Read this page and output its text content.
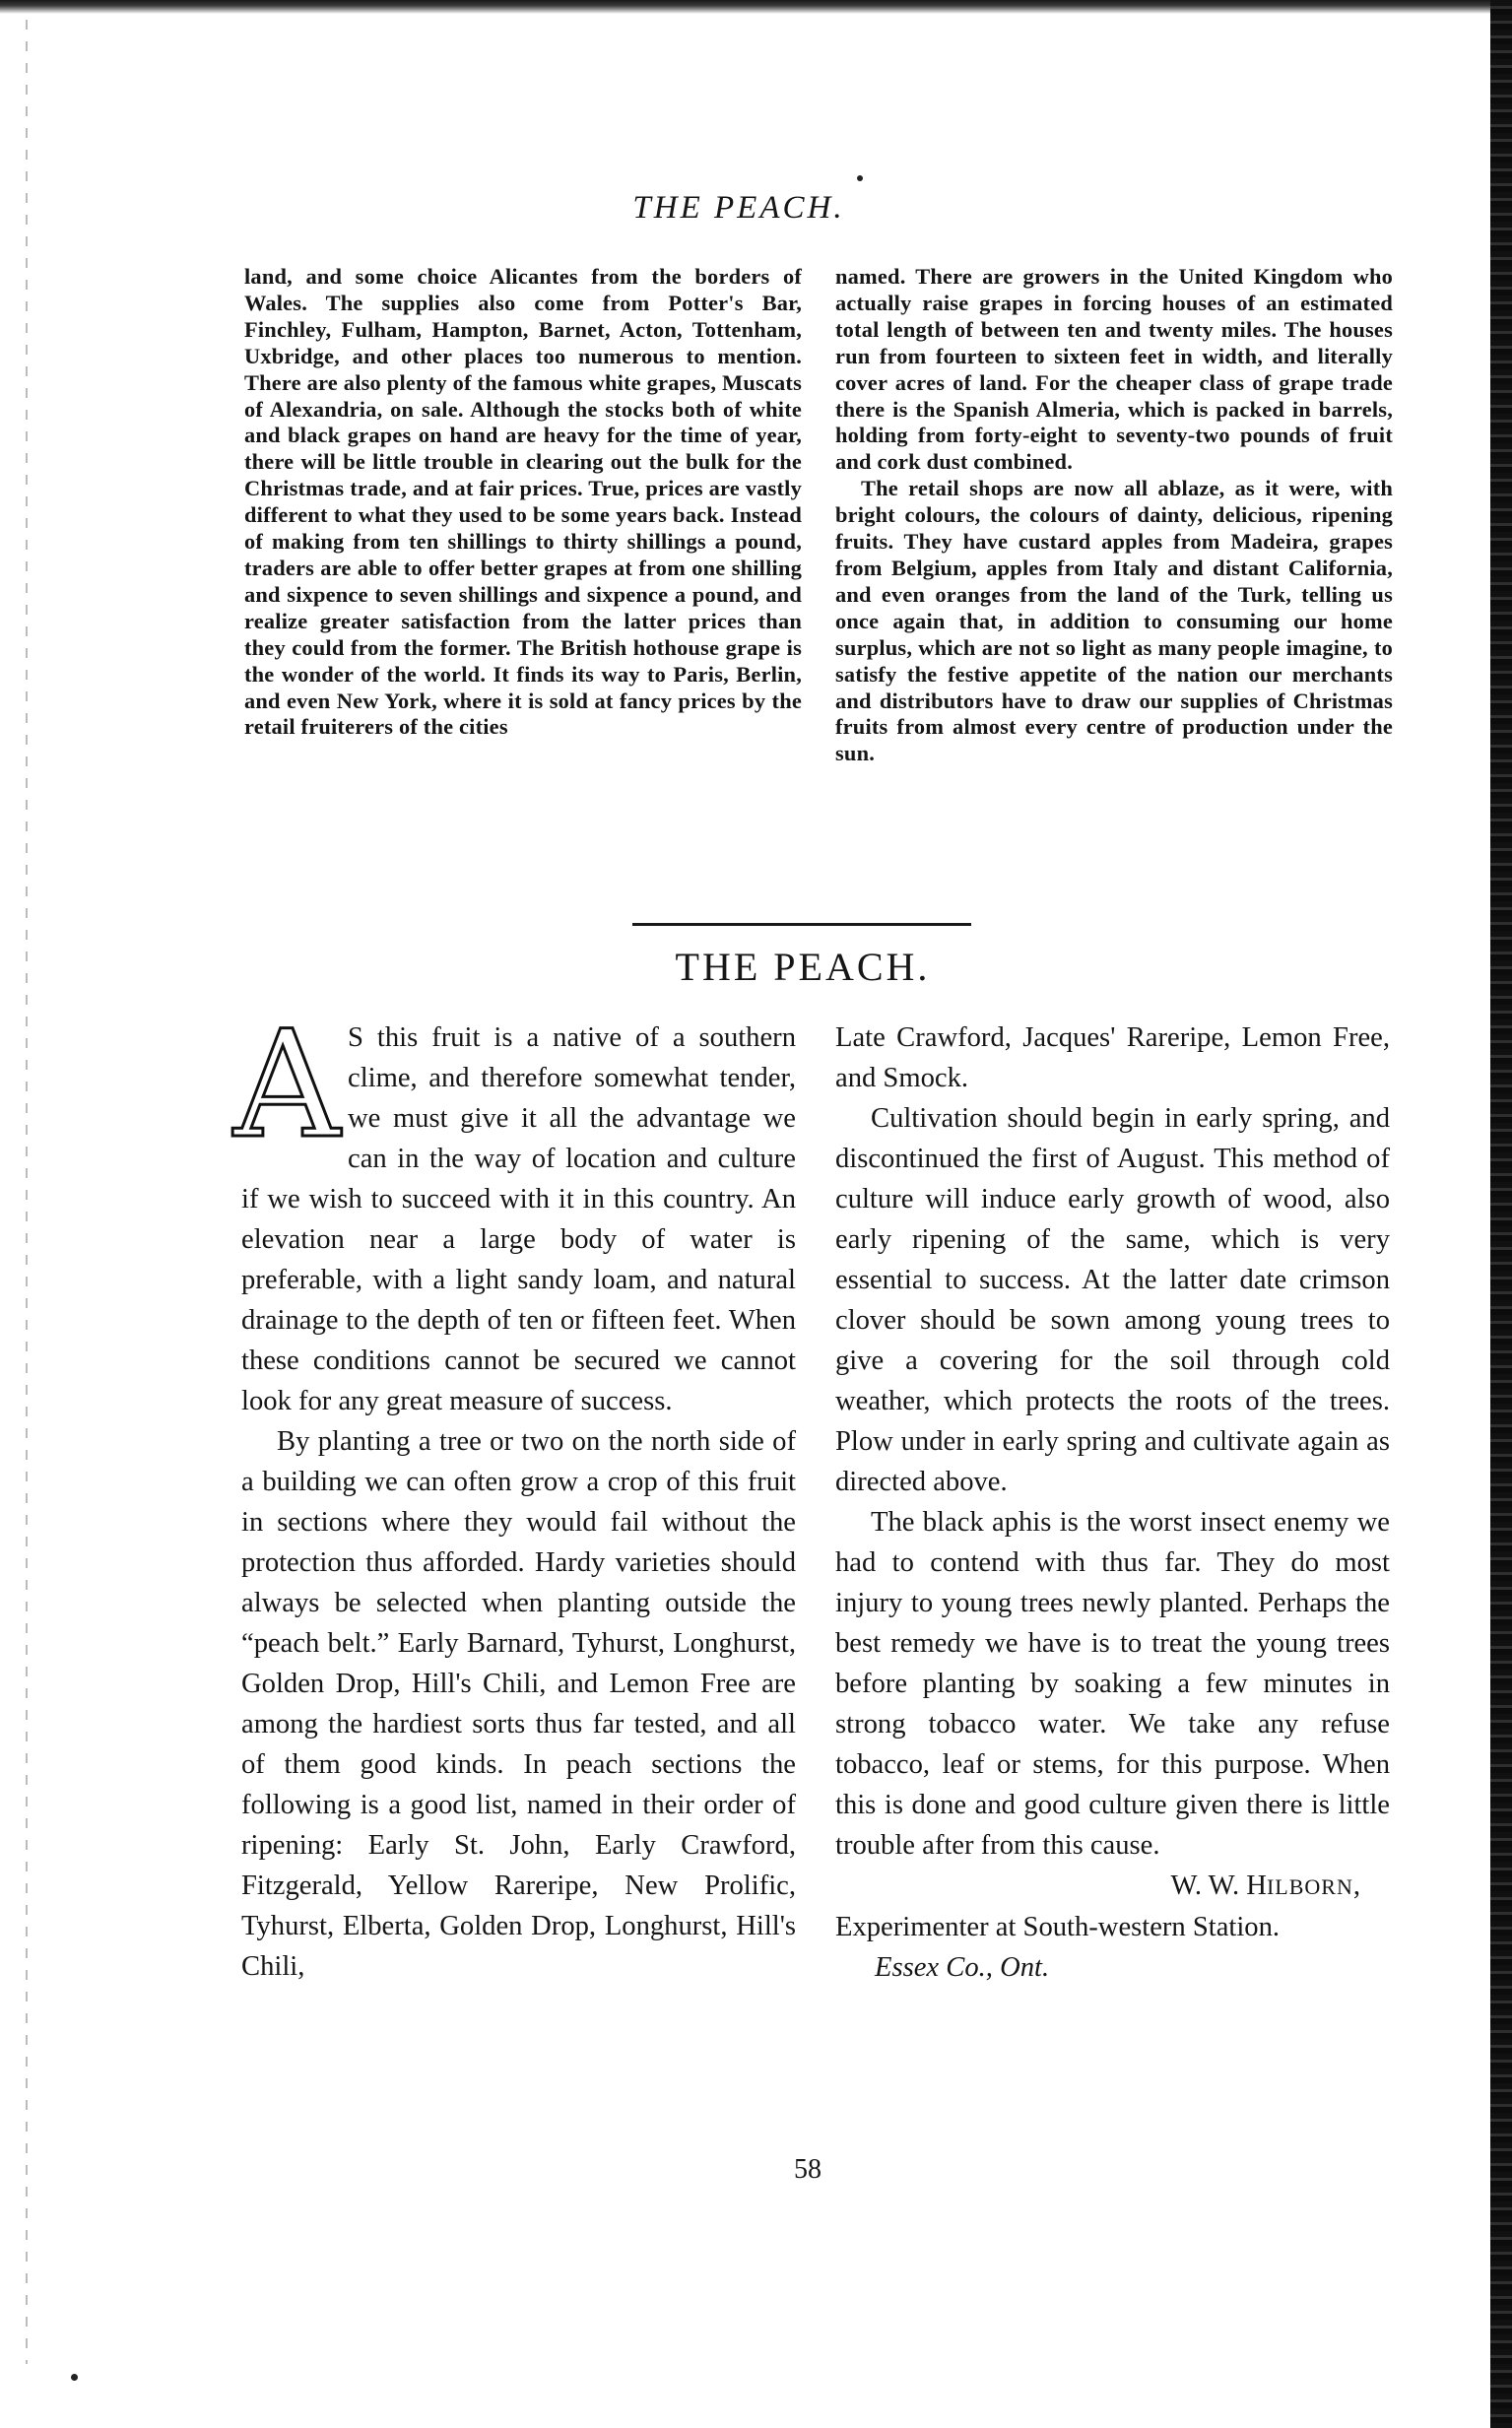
THE PEACH.

land, and some choice Alicantes from the borders of Wales. The supplies also come from Potter's Bar, Finchley, Fulham, Hampton, Barnet, Acton, Tottenham, Uxbridge, and other places too numerous to mention. There are also plenty of the famous white grapes, Muscats of Alexandria, on sale. Although the stocks both of white and black grapes on hand are heavy for the time of year, there will be little trouble in clearing out the bulk for the Christmas trade, and at fair prices. True, prices are vastly different to what they used to be some years back. Instead of making from ten shillings to thirty shillings a pound, traders are able to offer better grapes at from one shilling and sixpence to seven shillings and sixpence a pound, and realize greater satisfaction from the latter prices than they could from the former. The British hothouse grape is the wonder of the world. It finds its way to Paris, Berlin, and even New York, where it is sold at fancy prices by the retail fruiterers of the cities

named. There are growers in the United Kingdom who actually raise grapes in forcing houses of an estimated total length of between ten and twenty miles. The houses run from fourteen to sixteen feet in width, and literally cover acres of land. For the cheaper class of grape trade there is the Spanish Almeria, which is packed in barrels, holding from forty-eight to seventy-two pounds of fruit and cork dust combined.

The retail shops are now all ablaze, as it were, with bright colours, the colours of dainty, delicious, ripening fruits. They have custard apples from Madeira, grapes from Belgium, apples from Italy and distant California, and even oranges from the land of the Turk, telling us once again that, in addition to consuming our home surplus, which are not so light as many people imagine, to satisfy the festive appetite of the nation our merchants and distributors have to draw our supplies of Christmas fruits from almost every centre of production under the sun.

THE PEACH.

A S this fruit is a native of a southern clime, and therefore somewhat tender, we must give it all the advantage we can in the way of location and culture if we wish to succeed with it in this country. An elevation near a large body of water is preferable, with a light sandy loam, and natural drainage to the depth of ten or fifteen feet. When these conditions cannot be secured we cannot look for any great measure of success.

By planting a tree or two on the north side of a building we can often grow a crop of this fruit in sections where they would fail without the protection thus afforded. Hardy varieties should always be selected when planting outside the “peach belt.” Early Barnard, Tyhurst, Longhurst, Golden Drop, Hill's Chili, and Lemon Free are among the hardiest sorts thus far tested, and all of them good kinds. In peach sections the following is a good list, named in their order of ripening: Early St. John, Early Crawford, Fitzgerald, Yellow Rareripe, New Prolific, Tyhurst, Elberta, Golden Drop, Longhurst, Hill's Chili,

Late Crawford, Jacques' Rareripe, Lemon Free, and Smock.

Cultivation should begin in early spring, and discontinued the first of August. This method of culture will induce early growth of wood, also early ripening of the same, which is very essential to success. At the latter date crimson clover should be sown among young trees to give a covering for the soil through cold weather, which protects the roots of the trees. Plow under in early spring and cultivate again as directed above.

The black aphis is the worst insect enemy we had to contend with thus far. They do most injury to young trees newly planted. Perhaps the best remedy we have is to treat the young trees before planting by soaking a few minutes in strong tobacco water. We take any refuse tobacco, leaf or stems, for this purpose. When this is done and good culture given there is little trouble after from this cause.

W. W. HILBORN,

Experimenter at South-western Station.

Essex Co., Ont.

58
